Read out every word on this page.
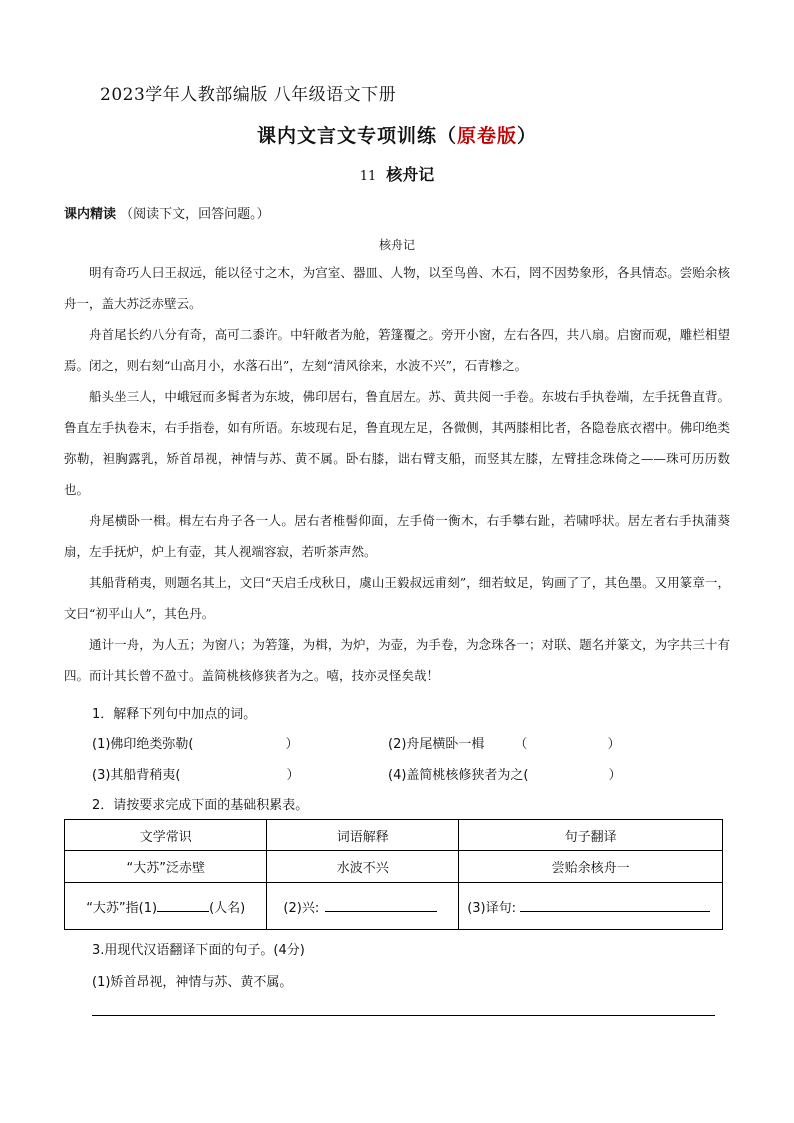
2023学年人教部编版 八年级语文下册
课内文言文专项训练（原卷版）
11 核舟记
课内精读 （阅读下文，回答问题。）
核舟记

明有奇巧人曰王叔远，能以径寸之木，为宫室、器皿、人物，以至鸟兽、木石，罔不因势象形，各具情态。尝贻余核舟一，盖大苏泛赤壁云。

舟首尾长约八分有奇，高可二黍许。中轩敞者为舱，箬篷覆之。旁开小窗，左右各四，共八扇。启窗而观，雕栏相望焉。闭之，则右刻“山高月小，水落石出”，左刻“清风徐来，水波不兴”，石青糁之。

船头坐三人，中峨冠而多髯者为东坡，佛印居右，鲁直居左。苏、黄共阅一手卷。东坡右手执卷端，左手抚鲁直背。鲁直左手执卷末，右手指卷，如有所语。东坡现右足，鲁直现左足，各微侧，其两膝相比者，各隐卷底衣褶中。佛印绝类弥勒，袒胸露乳，矫首昂视，神情与苏、黄不属。卧右膝，诎右臂支船，而竖其左膝，左臂挂念珠倚之——珠可历历数也。

舟尾横卧一楫。楫左右舟子各一人。居右者椎髻仰面，左手倚一衡木，右手攀右趾，若啸呼状。居左者右手执蒲葵扇，左手抚炉，炉上有壶，其人视端容寂，若听茶声然。

其船背稍夷，则题名其上，文曰“天启壬戌秋日，虞山王毅叔远甫刻”，细若蚊足，钩画了了，其色墨。又用篆章一，文曰“初平山人”，其色丹。

通计一舟，为人五；为窗八；为箬篷，为楫，为炉，为壶，为手卷，为念珠各一；对联、题名并篆文，为字共三十有四。而计其长曾不盈寸。盖简桃核修狭者为之。嘻，技亦灵怪矣哉！

1．解释下列句中加点的词。
(1)佛印绝类弥勒(	）	(2)舟尾横卧一楫 （	）
(3)其船背稍夷(	）	(4)盖简桃核修狭者为之(	）
2．请按要求完成下面的基础积累表。
文学常识	词语解释	句子翻译
“大苏”泛赤壁	水波不兴	尝贻余核舟一
“大苏”指(1) (人名)	(2)兴:	(3)译句:
3.用现代汉语翻译下面的句子。(4分)
(1)矫首昂视，神情与苏、黄不属。
